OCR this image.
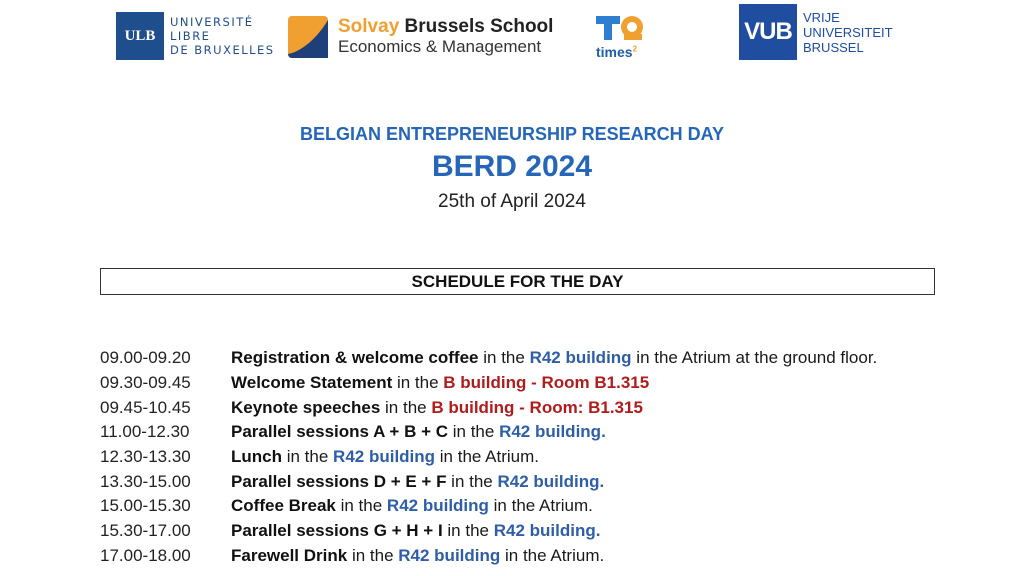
ULB
UNIVERSITÉ
LIBRE
DE BRUXELLES
Solvay Brussels School
Economics & Management	times$^2$
VUB
VRIJE
UNIVERSITEIT
BRUSSEL
BELGIAN ENTREPRENEURSHIP RESEARCH DAY
BERD 2024
25th of April 2024
SCHEDULE FOR THE DAY
09.00-09.20	Registration & welcome coffee in the R42 building in the Atrium at the ground floor.
09.30-09.45	Welcome Statement in the B building - Room B1.315
09.45-10.45	Keynote speeches in the B building - Room: B1.315
11.00-12.30	Parallel sessions A + B + C in the R42 building.
12.30-13.30	Lunch in the R42 building in the Atrium.
13.30-15.00	Parallel sessions D + E + F in the R42 building.
15.00-15.30	Coffee Break in the R42 building in the Atrium.
15.30-17.00	Parallel sessions G + H + I in the R42 building.
17.00-18.00	Farewell Drink in the R42 building in the Atrium.
